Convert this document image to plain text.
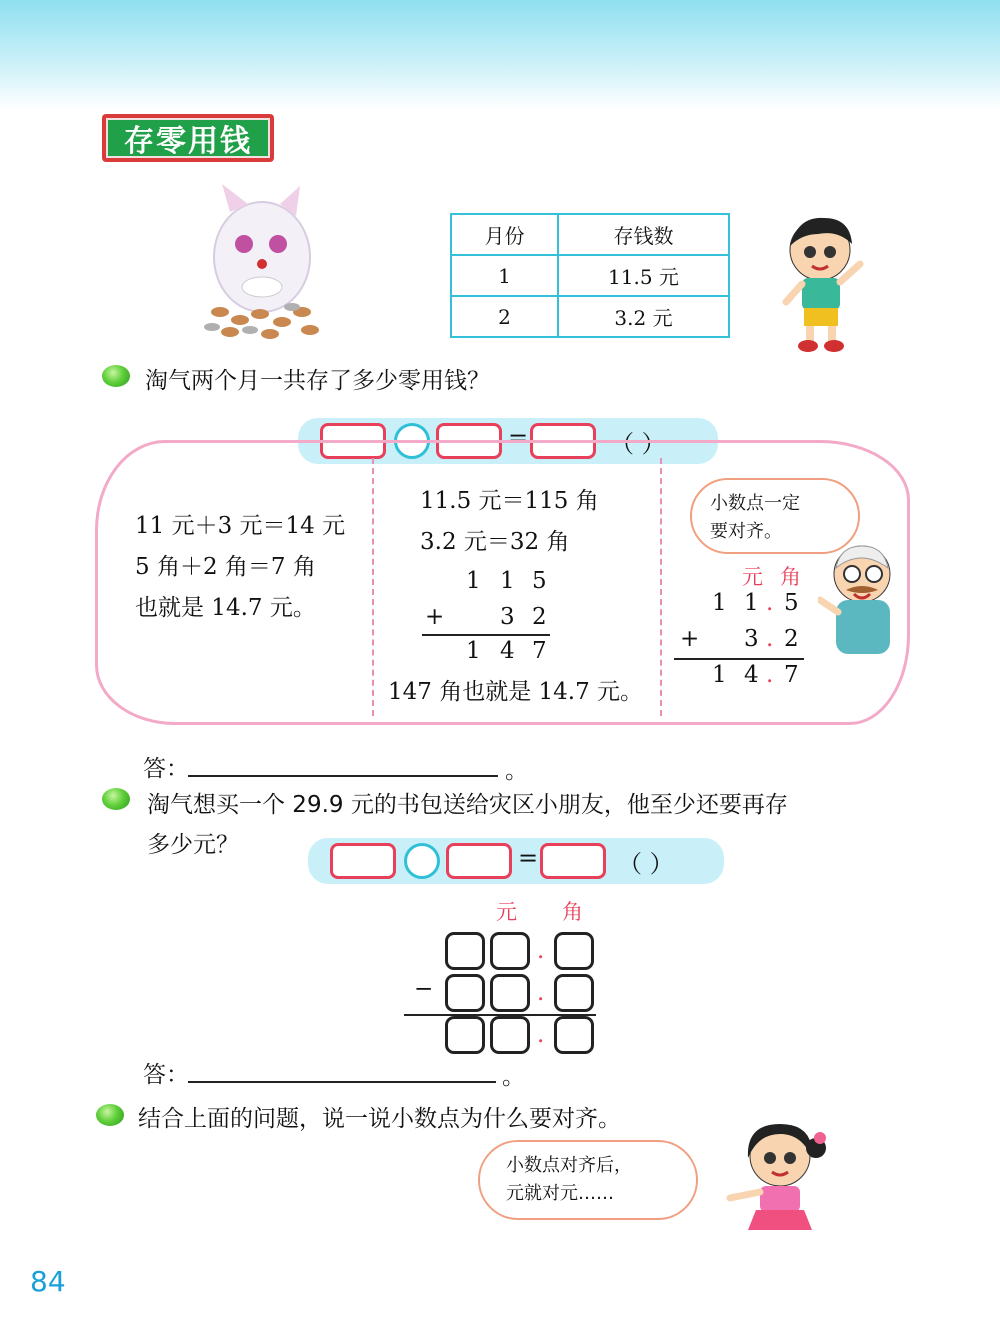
存零用钱
月份	存钱数
1	11.5 元
2	3.2 元
淘气两个月一共存了多少零用钱？
=	（ ）
11 元＋3 元＝14 元
5 角＋2 角＝7 角
也就是 14.7 元。
11.5 元＝115 角
3.2 元＝32 角
1 1 5
+ 3 2
1 4 7
147 角也就是 14.7 元。
小数点一定
要对齐。
元 角
1 1 . 5
+ 3 . 2
1 4 . 7
答：	。
淘气想买一个 29.9 元的书包送给灾区小朋友，他至少还要再存
多少元？	=	（ ）
元 角
.
−	.
.
答：	。
结合上面的问题，说一说小数点为什么要对齐。
小数点对齐后，
元就对元……
84
